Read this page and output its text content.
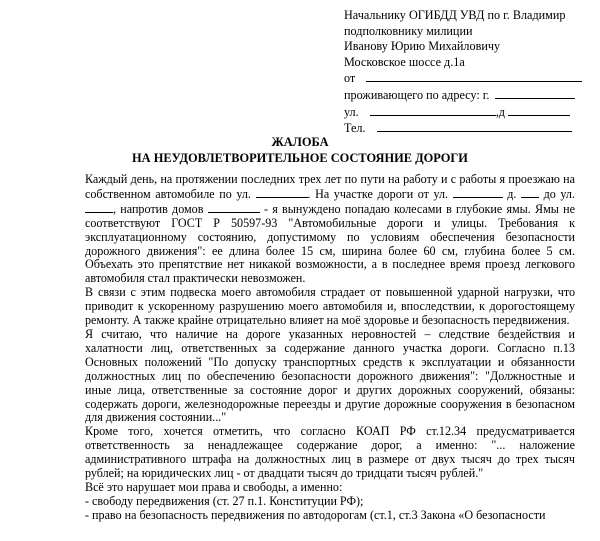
Начальнику ОГИБДД УВД по г. Владимир
подполковнику милиции
Иванову Юрию Михайловичу
Московское шоссе д.1а
от
проживающего по адресу: г.
ул.	,д
Тел.
ЖАЛОБА
НА НЕУДОВЛЕТВОРИТЕЛЬНОЕ СОСТОЯНИЕ ДОРОГИ

Каждый день, на протяжении последних трех лет по пути на работу и с работы я проезжаю на собственном автомобиле по ул.	. На участке дороги от ул.	д. до ул. , напротив домов	- я вынуждено попадаю колесами в глубокие ямы. Ямы не соответствуют ГОСТ Р 50597-93 "Автомобильные дороги и улицы. Требования к эксплуатационному состоянию, допустимому по условиям обеспечения безопасности дорожного движения": ее длина более 15 см, ширина более 60 см, глубина более 5 см. Объехать это препятствие нет никакой возможности, а в последнее время проезд легкового автомобиля стал практически невозможен.

В связи с этим подвеска моего автомобиля страдает от повышенной ударной нагрузки, что приводит к ускоренному разрушению моего автомобиля и, впоследствии, к дорогостоящему ремонту. А также крайне отрицательно влияет на моё здоровье и безопасность передвижения.

Я считаю, что наличие на дороге указанных неровностей – следствие бездействия и халатности лиц, ответственных за содержание данного участка дороги. Согласно п.13 Основных положений "По допуску транспортных средств к эксплуатации и обязанности должностных лиц по обеспечению безопасности дорожного движения": "Должностные и иные лица, ответственные за состояние дорог и других дорожных сооружений, обязаны: содержать дороги, железнодорожные переезды и другие дорожные сооружения в безопасном для движения состоянии..."

Кроме того, хочется отметить, что согласно КОАП РФ ст.12.34 предусматривается ответственность за ненадлежащее содержание дорог, а именно: "... наложение административного штрафа на должностных лиц в размере от двух тысяч до трех тысяч рублей; на юридических лиц - от двадцати тысяч до тридцати тысяч рублей."

Всё это нарушает мои права и свободы, а именно:

- свободу передвижения (ст. 27 п.1. Конституции РФ);

- право на безопасность передвижения по автодорогам (ст.1, ст.3 Закона «О безопасности
